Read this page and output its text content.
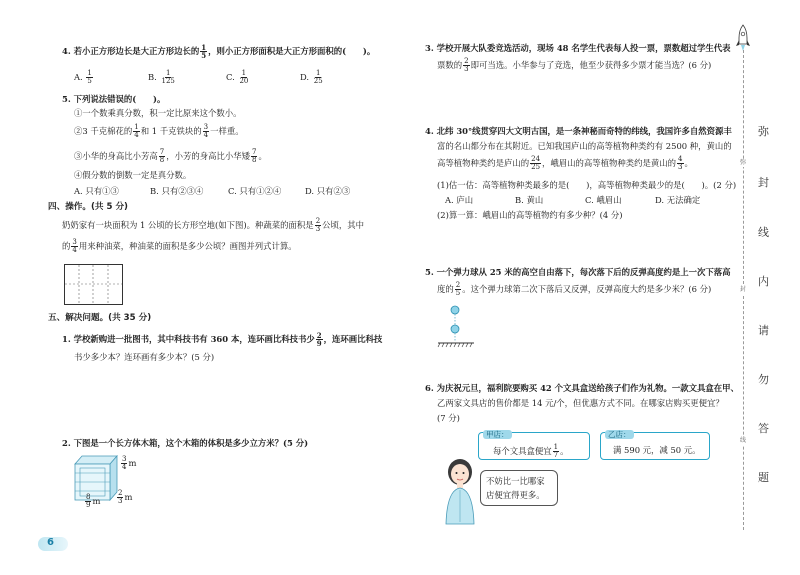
4. 若小正方形边长是大正方形边长的 $\frac{1}{5}$ ，则小正方形面积是大正方形面积的(　　)。
A. $\frac{1}{5}$	B. $\frac{1}{125}$	C. $\frac{1}{20}$	D. $\frac{1}{25}$
5. 下列说法错误的(　　)。
①一个数乘真分数，积一定比原来这个数小。
②3 千克棉花的 $\frac{1}{4}$ 和 1 千克铁块的 $\frac{3}{4}$ 一样重。
③小华的身高比小芳高 $\frac{7}{8}$ ，小芳的身高比小华矮 $\frac{7}{8}$ 。
④假分数的倒数一定是真分数。
A. 只有①③	B. 只有②③④	C. 只有①②④	D. 只有②③
四、操作。(共 5 分)
奶奶家有一块面积为 1 公顷的长方形空地(如下图)。种蔬菜的面积是 $\frac{2}{3}$ 公顷，其中
的 $\frac{3}{4}$ 用来种油菜，种油菜的面积是多少公顷？画图并列式计算。
五、解决问题。(共 35 分)
1. 学校新购进一批图书，其中科技书有 360 本，连环画比科技书少 $\frac{2}{9}$ ，连环画比科技
书少多少本？连环画有多少本？(5 分)
2. 下图是一个长方体木箱，这个木箱的体积是多少立方米？(5 分)
$\frac{3}{4}$ m
$\frac{8}{9}$ m $\frac{2}{3}$ m
6
3. 学校开展大队委竞选活动，现场 48 名学生代表每人投一票，票数超过学生代表
票数的 $\frac{2}{3}$ 即可当选。小华参与了竞选，他至少获得多少票才能当选？(6 分)
4. 北纬 30°线贯穿四大文明古国，是一条神秘而奇特的纬线，我国许多自然资源丰
富的名山都分布在其附近。已知我国庐山的高等植物种类约有 2500 种，黄山的
高等植物种类约是庐山的 $\frac{24}{25}$ ，峨眉山的高等植物种类约是黄山的 $\frac{4}{3}$ 。
(1)估一估：高等植物种类最多的是(　　)，高等植物种类最少的是(　　)。(2 分)
A. 庐山	B. 黄山	C. 峨眉山	D. 无法确定
(2)算一算：峨眉山的高等植物约有多少种？(4 分)
5. 一个弹力球从 25 米的高空自由落下，每次落下后的反弹高度约是上一次下落高
度的 $\frac{2}{5}$ 。这个弹力球第二次下落后又反弹，反弹高度大约是多少米？(6 分)
6. 为庆祝元旦，福利院要购买 42 个文具盒送给孩子们作为礼物。一款文具盒在甲、
乙两家文具店的售价都是 14 元/个，但优惠方式不同。在哪家店购买更便宜？
(7 分)
甲店：
每个文具盒便宜 $\frac{1}{7}$ 。
乙店：
满 590 元，减 50 元。
不妨比一比哪家
店便宜得更多。
弥
封
线
弥
封
线
内
请
勿
答
题
